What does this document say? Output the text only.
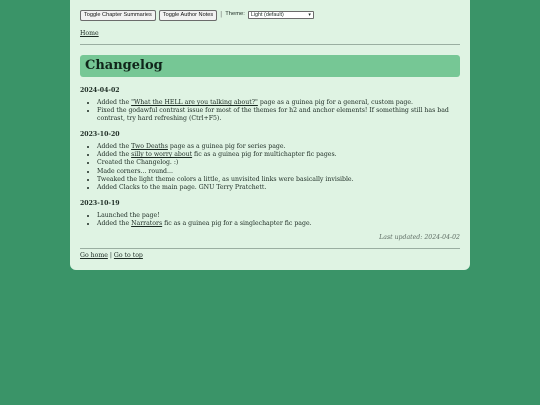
Toggle Chapter Summaries	Toggle Author Notes	| Theme: Light (default)	▾
Home
Changelog
2024-04-02
• Added the "What the HELL are you talking about?" page as a guinea pig for a general, custom page.
• Fixed the godawful contrast issue for most of the themes for h2 and anchor elements! If something still has bad contrast, try hard refreshing (Ctrl+F5).
2023-10-20
• Added the Two Deaths page as a guinea pig for series page.
• Added the silly to worry about fic as a guinea pig for multichapter fic pages.
• Created the Changelog. :)
• Made corners... round...
• Tweaked the light theme colors a little, as unvisited links were basically invisible.
• Added Clacks to the main page. GNU Terry Pratchett.
2023-10-19
• Launched the page!
• Added the Narrators fic as a guinea pig for a singlechapter fic page.
Last updated: 2024-04-02
Go home | Go to top
